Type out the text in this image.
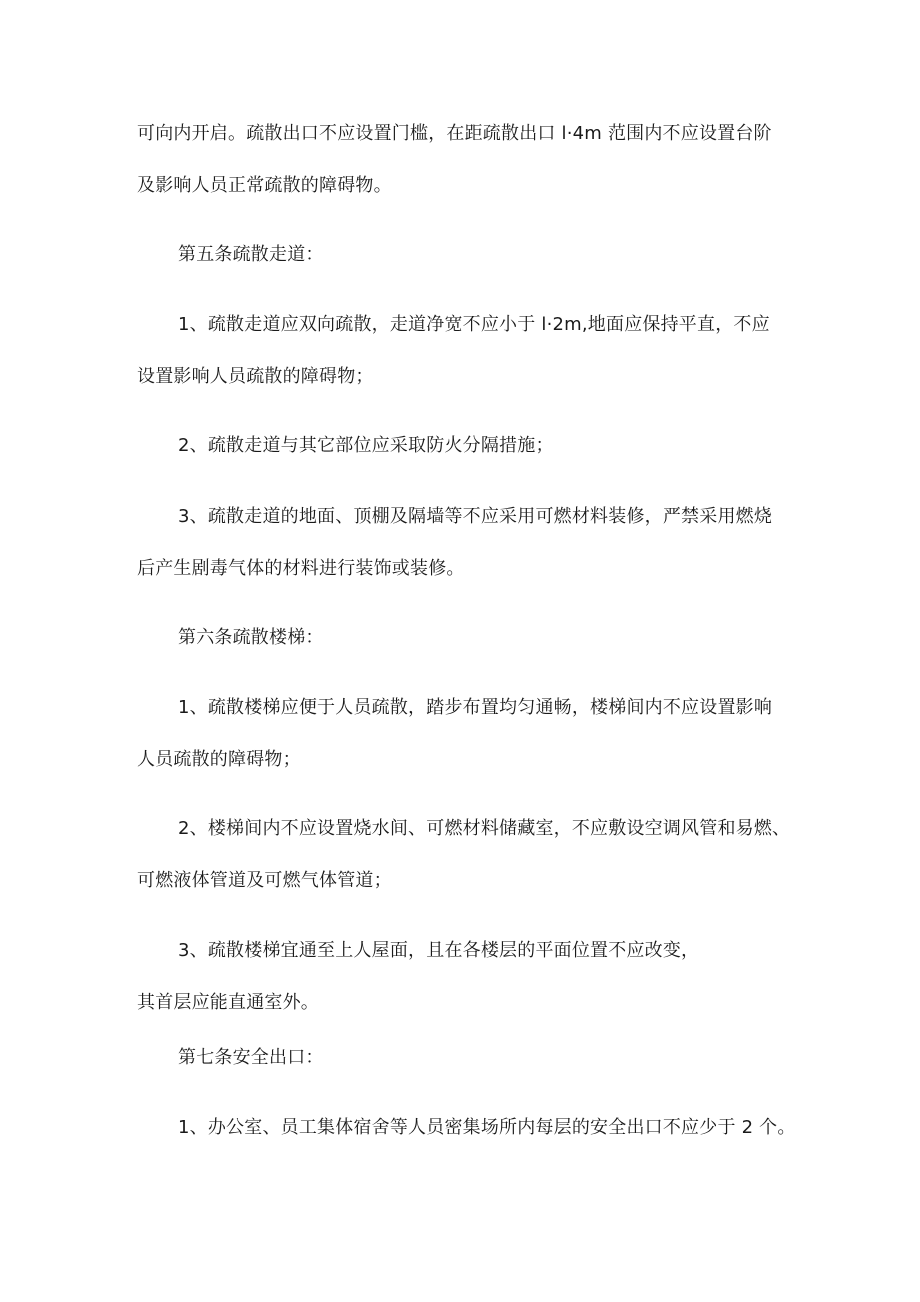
可向内开启。疏散出口不应设置门槛，在距疏散出口 l·4m 范围内不应设置台阶
及影响人员正常疏散的障碍物。
第五条疏散走道：
1、疏散走道应双向疏散，走道净宽不应小于 l·2m,地面应保持平直，不应
设置影响人员疏散的障碍物；
2、疏散走道与其它部位应采取防火分隔措施；
3、疏散走道的地面、顶棚及隔墙等不应采用可燃材料装修，严禁采用燃烧
后产生剧毒气体的材料进行装饰或装修。
第六条疏散楼梯：
1、疏散楼梯应便于人员疏散，踏步布置均匀通畅，楼梯间内不应设置影响
人员疏散的障碍物；
2、楼梯间内不应设置烧水间、可燃材料储藏室，不应敷设空调风管和易燃、
可燃液体管道及可燃气体管道；
3、疏散楼梯宜通至上人屋面，且在各楼层的平面位置不应改变，
其首层应能直通室外。
第七条安全出口：
1、办公室、员工集体宿舍等人员密集场所内每层的安全出口不应少于 2 个。
